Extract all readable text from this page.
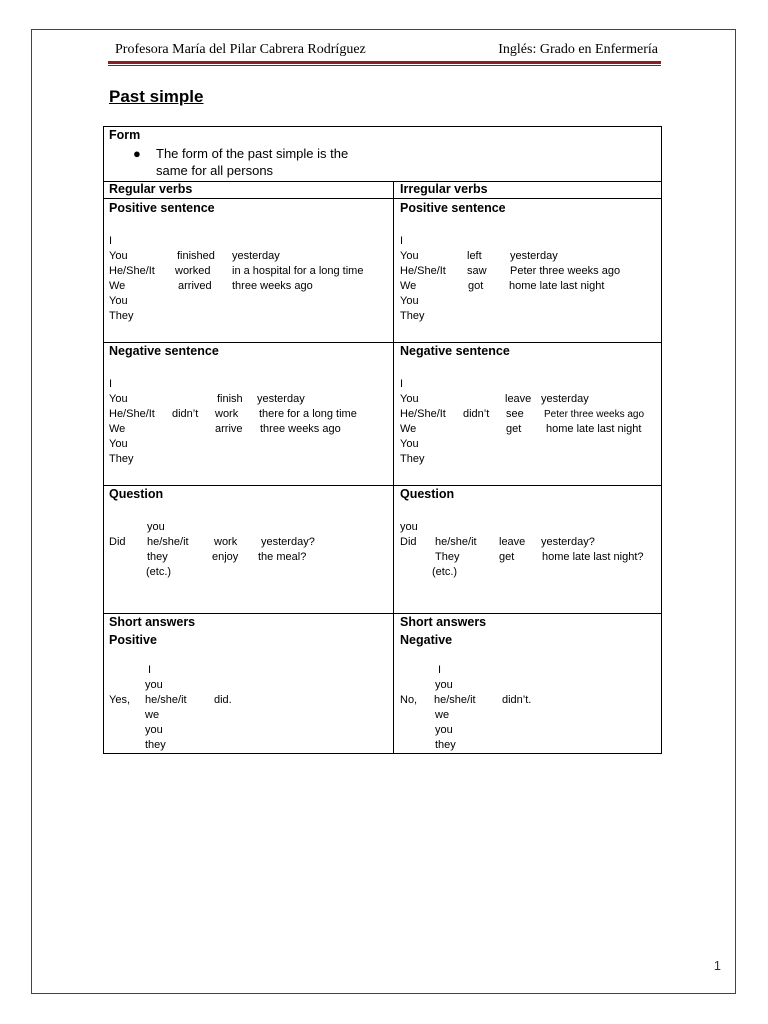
Profesora María del Pilar Cabrera Rodríguez	Inglés: Grado en Enfermería
Past simple
Form
● The form of the past simple is the
same for all persons
Regular verbs	Irregular verbs
Positive sentence
I
You
He/She/It
We
You
They
finished
worked
arrived
yesterday
in a hospital for a long time
three weeks ago
Positive sentence
I
You
He/She/It
We
You
They
left
saw
got
yesterday
Peter three weeks ago
home late last night
Negative sentence
I
You
He/She/It
We
You
They
didn’t
finish
work
arrive
yesterday
there for a long time
three weeks ago
Negative sentence
I
You
He/She/It
We
You
They
didn’t
leave
see
get
yesterday
Peter three weeks ago
home late last night
Question
you
Did he/she/it
they
(etc.)
work
enjoy
yesterday?
the meal?
Question
you
Did he/she/it
They
(etc.)
leave
get
yesterday?
home late last night?
Short answers
Positive
I
you
Yes, he/she/it did.
we
you
they
Short answers
Negative
I
you
No, he/she/it didn’t.
we
you
they
1
